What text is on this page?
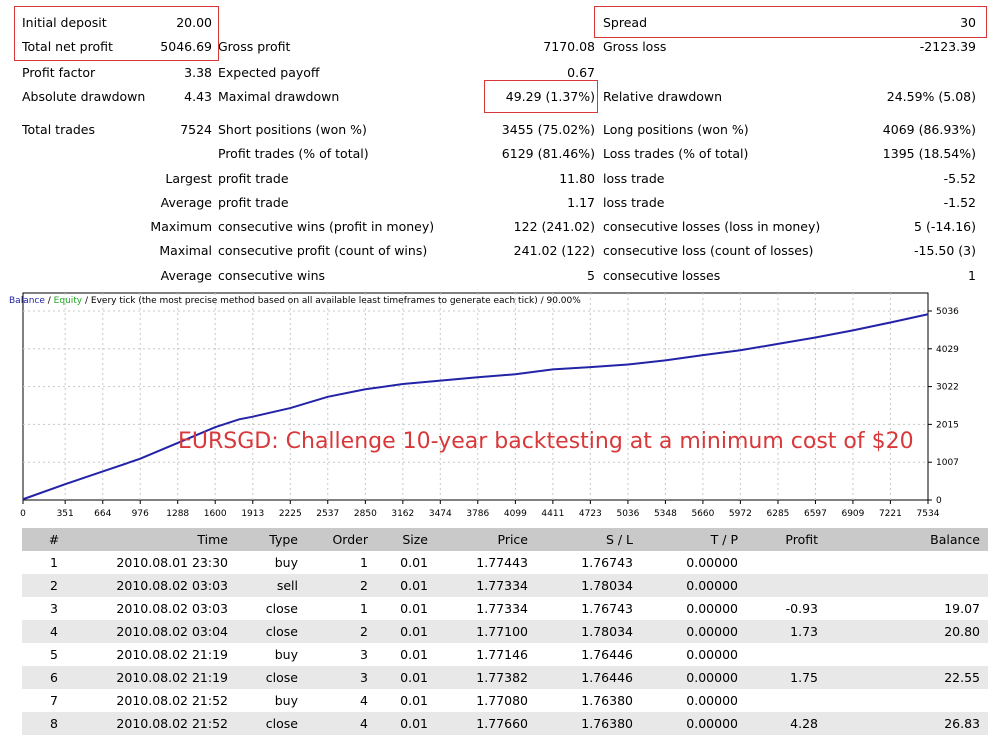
Initial deposit	20.00	Spread	30
Total net profit	5046.69 Gross profit	7170.08 Gross loss	-2123.39
Profit factor	3.38 Expected payoff	0.67
Absolute drawdown	4.43 Maximal drawdown	49.29 (1.37%) Relative drawdown	24.59% (5.08)
Total trades	7524 Short positions (won %)	3455 (75.02%) Long positions (won %)	4069 (86.93%)
Profit trades (% of total)	6129 (81.46%) Loss trades (% of total)	1395 (18.54%)
Largest profit trade	11.80 loss trade	-5.52
Average profit trade	1.17 loss trade	-1.52
Maximum consecutive wins (profit in money)	122 (241.02) consecutive losses (loss in money)	5 (-14.16)
Maximal consecutive profit (count of wins)	241.02 (122) consecutive loss (count of losses)	-15.50 (3)
Average consecutive wins	5 consecutive losses	1
0	351 664 976 1288 1600 1913 2225 2537 2850 3162 3474 3786 4099 4411 4723 5036 5348 5660 5972 6285 6597 6909 7221 7534
0
1007
2015
3022
4029
5036
Balance / Equity / Every tick (the most precise method based on all available least timeframes to generate each tick) / 90.00%
EURSGD: Challenge 10-year backtesting at a minimum cost of $20
#	Time	Type	Order	Size	Price	S / L	T / P	Profit	Balance
1	2010.08.01 23:30	buy	1	0.01	1.77443	1.76743	0.00000		
2	2010.08.02 03:03	sell	2	0.01	1.77334	1.78034	0.00000		
3	2010.08.02 03:03	close	1	0.01	1.77334	1.76743	0.00000	-0.93	19.07
4	2010.08.02 03:04	close	2	0.01	1.77100	1.78034	0.00000	1.73	20.80
5	2010.08.02 21:19	buy	3	0.01	1.77146	1.76446	0.00000		
6	2010.08.02 21:19	close	3	0.01	1.77382	1.76446	0.00000	1.75	22.55
7	2010.08.02 21:52	buy	4	0.01	1.77080	1.76380	0.00000		
8	2010.08.02 21:52	close	4	0.01	1.77660	1.76380	0.00000	4.28	26.83
